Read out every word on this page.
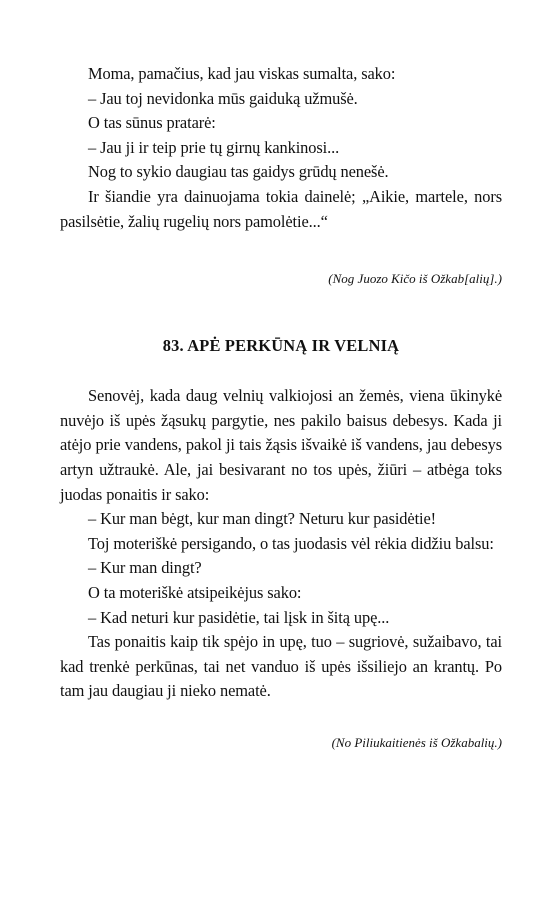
Moma, pamačius, kad jau viskas sumalta, sako:

– Jau toj nevidonka mūs gaiduką užmušė.

O tas sūnus pratarė:

– Jau ji ir teip prie tų girnų kankinosi...

Nog to sykio daugiau tas gaidys grūdų nenešė.

Ir šiandie yra dainuojama tokia dainelė; „Aikie, martele, nors pasilsėtie, žalių rugelių nors pamolėtie...“

(Nog Juozo Kičo iš Ožkab[alių].)

83. APĖ PERKŪNĄ IR VELNIĄ

Senovėj, kada daug velnių valkiojosi an žemės, viena ūkinykė nuvėjo iš upės žąsukų pargytie, nes pakilo baisus debesys. Kada ji atėjo prie vandens, pakol ji tais žąsis išvaikė iš vandens, jau debesys artyn užtraukė. Ale, jai besivarant no tos upės, žiūri – atbėga toks juodas ponaitis ir sako:

– Kur man bėgt, kur man dingt? Neturu kur pasidėtie!

Toj moteriškė persigando, o tas juodasis vėl rėkia didžiu balsu:

– Kur man dingt?

O ta moteriškė atsipeikėjus sako:

– Kad neturi kur pasidėtie, tai lįsk in šitą upę...

Tas ponaitis kaip tik spėjo in upę, tuo – sugriovė, sužaibavo, tai kad trenkė perkūnas, tai net vanduo iš upės išsiliejo an krantų. Po tam jau daugiau ji nieko nematė.

(No Piliukaitienės iš Ožkabalių.)
